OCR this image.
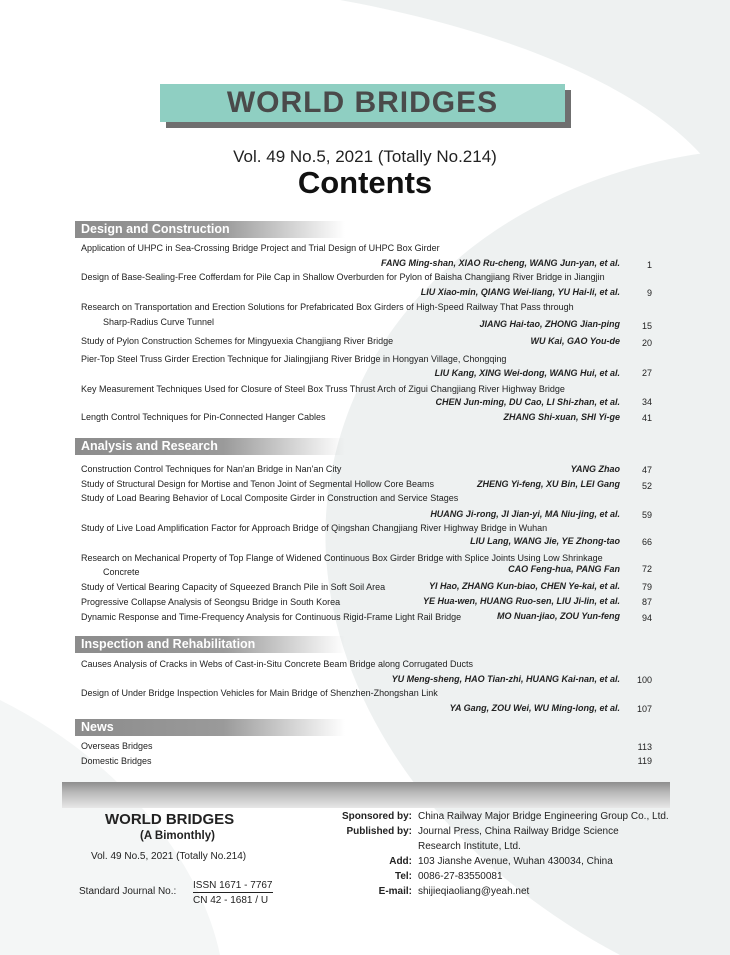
WORLD BRIDGES
Vol. 49 No.5, 2021 (Totally No.214)
Contents
Design and Construction
Application of UHPC in Sea-Crossing Bridge Project and Trial Design of UHPC Box Girder
FANG Ming-shan, XIAO Ru-cheng, WANG Jun-yan, et al.	1
Design of Base-Sealing-Free Cofferdam for Pile Cap in Shallow Overburden for Pylon of Baisha Changjiang River Bridge in Jiangjin
LIU Xiao-min, QIANG Wei-liang, YU Hai-li, et al.	9
Research on Transportation and Erection Solutions for Prefabricated Box Girders of High-Speed Railway That Pass through
Sharp-Radius Curve Tunnel	JIANG Hai-tao, ZHONG Jian-ping	15
Study of Pylon Construction Schemes for Mingyuexia Changjiang River Bridge	WU Kai, GAO You-de	20
Pier-Top Steel Truss Girder Erection Technique for Jialingjiang River Bridge in Hongyan Village, Chongqing
LIU Kang, XING Wei-dong, WANG Hui, et al.	27
Key Measurement Techniques Used for Closure of Steel Box Truss Thrust Arch of Zigui Changjiang River Highway Bridge
CHEN Jun-ming, DU Cao, LI Shi-zhan, et al.	34
Length Control Techniques for Pin-Connected Hanger Cables	ZHANG Shi-xuan, SHI Yi-ge	41
Analysis and Research
Construction Control Techniques for Nan'an Bridge in Nan'an City	YANG Zhao	47
Study of Structural Design for Mortise and Tenon Joint of Segmental Hollow Core Beams	ZHENG Yi-feng, XU Bin, LEI Gang	52
Study of Load Bearing Behavior of Local Composite Girder in Construction and Service Stages
HUANG Ji-rong, JI Jian-yi, MA Niu-jing, et al.	59
Study of Live Load Amplification Factor for Approach Bridge of Qingshan Changjiang River Highway Bridge in Wuhan
LIU Lang, WANG Jie, YE Zhong-tao	66
Research on Mechanical Property of Top Flange of Widened Continuous Box Girder Bridge with Splice Joints Using Low Shrinkage
Concrete	CAO Feng-hua, PANG Fan	72
Study of Vertical Bearing Capacity of Squeezed Branch Pile in Soft Soil Area	YI Hao, ZHANG Kun-biao, CHEN Ye-kai, et al.	79
Progressive Collapse Analysis of Seongsu Bridge in South Korea	YE Hua-wen, HUANG Ruo-sen, LIU Ji-lin, et al.	87
Dynamic Response and Time-Frequency Analysis for Continuous Rigid-Frame Light Rail Bridge	MO Nuan-jiao, ZOU Yun-feng	94
Inspection and Rehabilitation
Causes Analysis of Cracks in Webs of Cast-in-Situ Concrete Beam Bridge along Corrugated Ducts
YU Meng-sheng, HAO Tian-zhi, HUANG Kai-nan, et al.	100
Design of Under Bridge Inspection Vehicles for Main Bridge of Shenzhen-Zhongshan Link
YA Gang, ZOU Wei, WU Ming-long, et al.	107
News
Overseas Bridges	113
Domestic Bridges	119
WORLD BRIDGES
(A Bimonthly)
Vol. 49 No.5, 2021 (Totally No.214)
Standard Journal No.:
ISSN 1671 - 7767
CN 42 - 1681 / U
Sponsored by: China Railway Major Bridge Engineering Group Co., Ltd.
Published by: Journal Press, China Railway Bridge Science
Research Institute, Ltd.
Add: 103 Jianshe Avenue, Wuhan 430034, China
Tel: 0086-27-83550081
E-mail: shijieqiaoliang@yeah.net
